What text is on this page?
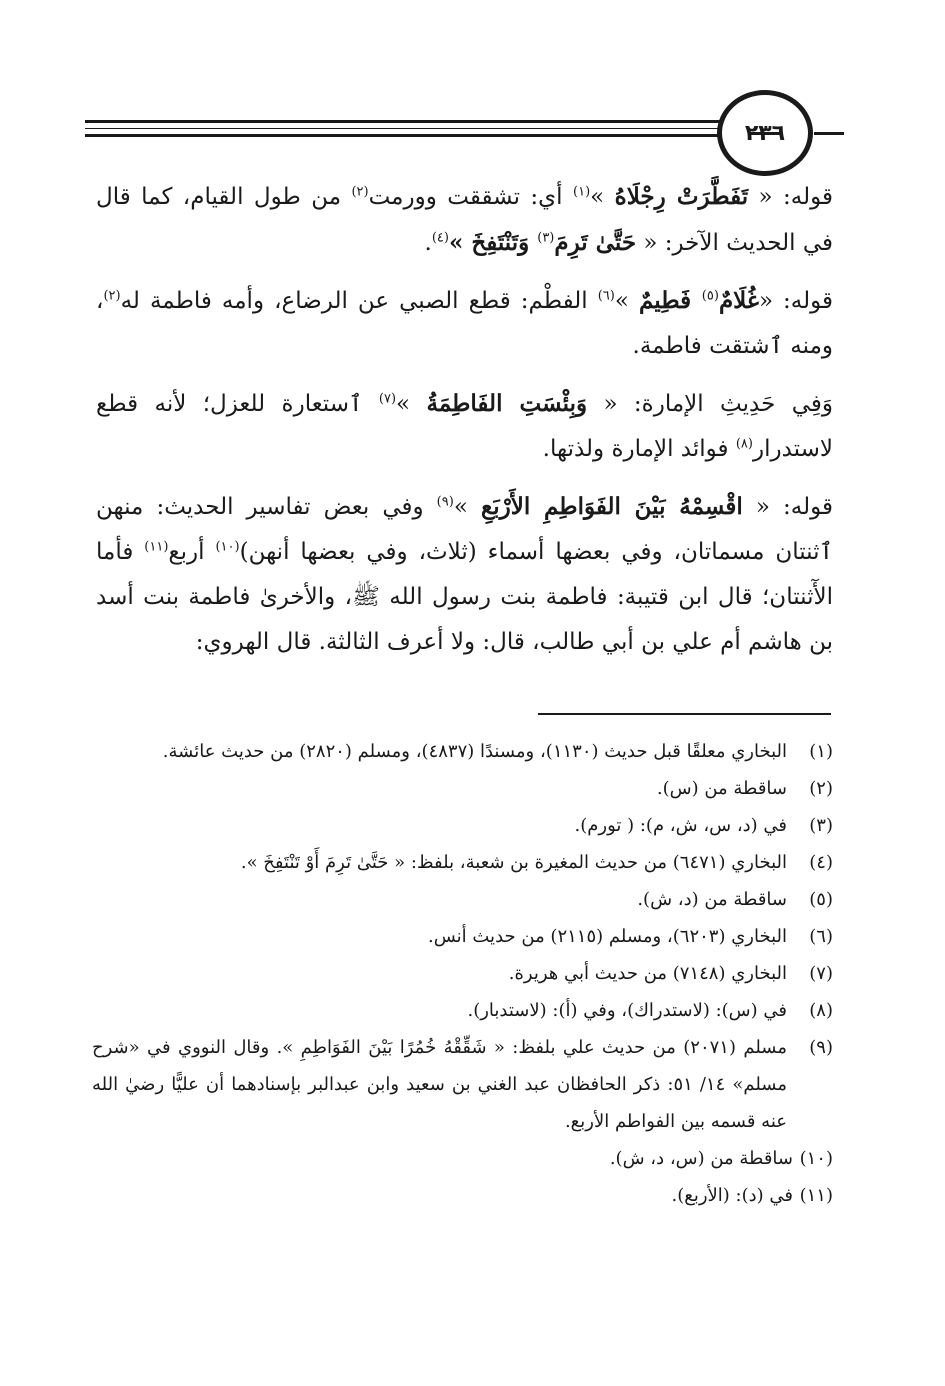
٢٣٦

قوله: « تَفَطَّرَتْ رِجْلَاهُ »$^{(١)}$ أي: تشققت وورمت$^{(٢)}$ من طول القيام، كما قال في الحديث الآخر: « حَتَّىٰ تَرِمَ$^{(٣)}$ وَتَنْتَفِخَ »$^{(٤)}$.

قوله: «غُلَامٌ$^{(٥)}$ فَطِيمٌ »$^{(٦)}$ الفطْم: قطع الصبي عن الرضاع، وأمه فاطمة له$^{(٢)}$، ومنه ٱشتقت فاطمة.

وَفِي حَدِيثِ الإمارة: « وَبِئْسَتِ الفَاطِمَةُ »$^{(٧)}$ ٱستعارة للعزل؛ لأنه قطع لاستدرار$^{(٨)}$ فوائد الإمارة ولذتها.

قوله: « اقْسِمْهُ بَيْنَ الفَوَاطِمِ الأَرْبَعِ »$^{(٩)}$ وفي بعض تفاسير الحديث: منهن ٱثنتان مسماتان، وفي بعضها أسماء (ثلاث، وفي بعضها أنهن)$^{(١٠)}$ أربع$^{(١١)}$ فأما الأٓثنتان؛ قال ابن قتيبة: فاطمة بنت رسول الله ﷺ، والأخرىٰ فاطمة بنت أسد بن هاشم أم علي بن أبي طالب، قال: ولا أعرف الثالثة. قال الهروي:

(١)
البخاري معلقًا قبل حديث (١١٣٠)، ومسندًا (٤٨٣٧)، ومسلم (٢٨٢٠) من حديث عائشة.
(٢)
ساقطة من (س).
(٣)
في (د، س، ش، م): ( تورم).
(٤)
البخاري (٦٤٧١) من حديث المغيرة بن شعبة، بلفظ: « حَتَّىٰ تَرِمَ أَوْ تَنْتَفِخَ ».
(٥)
ساقطة من (د، ش).
(٦)
البخاري (٦٢٠٣)، ومسلم (٢١١٥) من حديث أنس.
(٧)
البخاري (٧١٤٨) من حديث أبي هريرة.
(٨)
في (س): (لاستدراك)، وفي (أ): (لاستدبار).
(٩)
مسلم (٢٠٧١) من حديث علي بلفظ: « شَقِّقْهُ خُمُرًا بَيْنَ الفَوَاطِمِ ». وقال النووي في «شرح مسلم» ١٤/ ٥١: ذكر الحافظان عبد الغني بن سعيد وابن عبدالبر بإسنادهما أن عليًّا رضيٰ الله عنه قسمه بين الفواطم الأربع.
(١٠)
ساقطة من (س، د، ش).
(١١)
في (د): (الأربع).
